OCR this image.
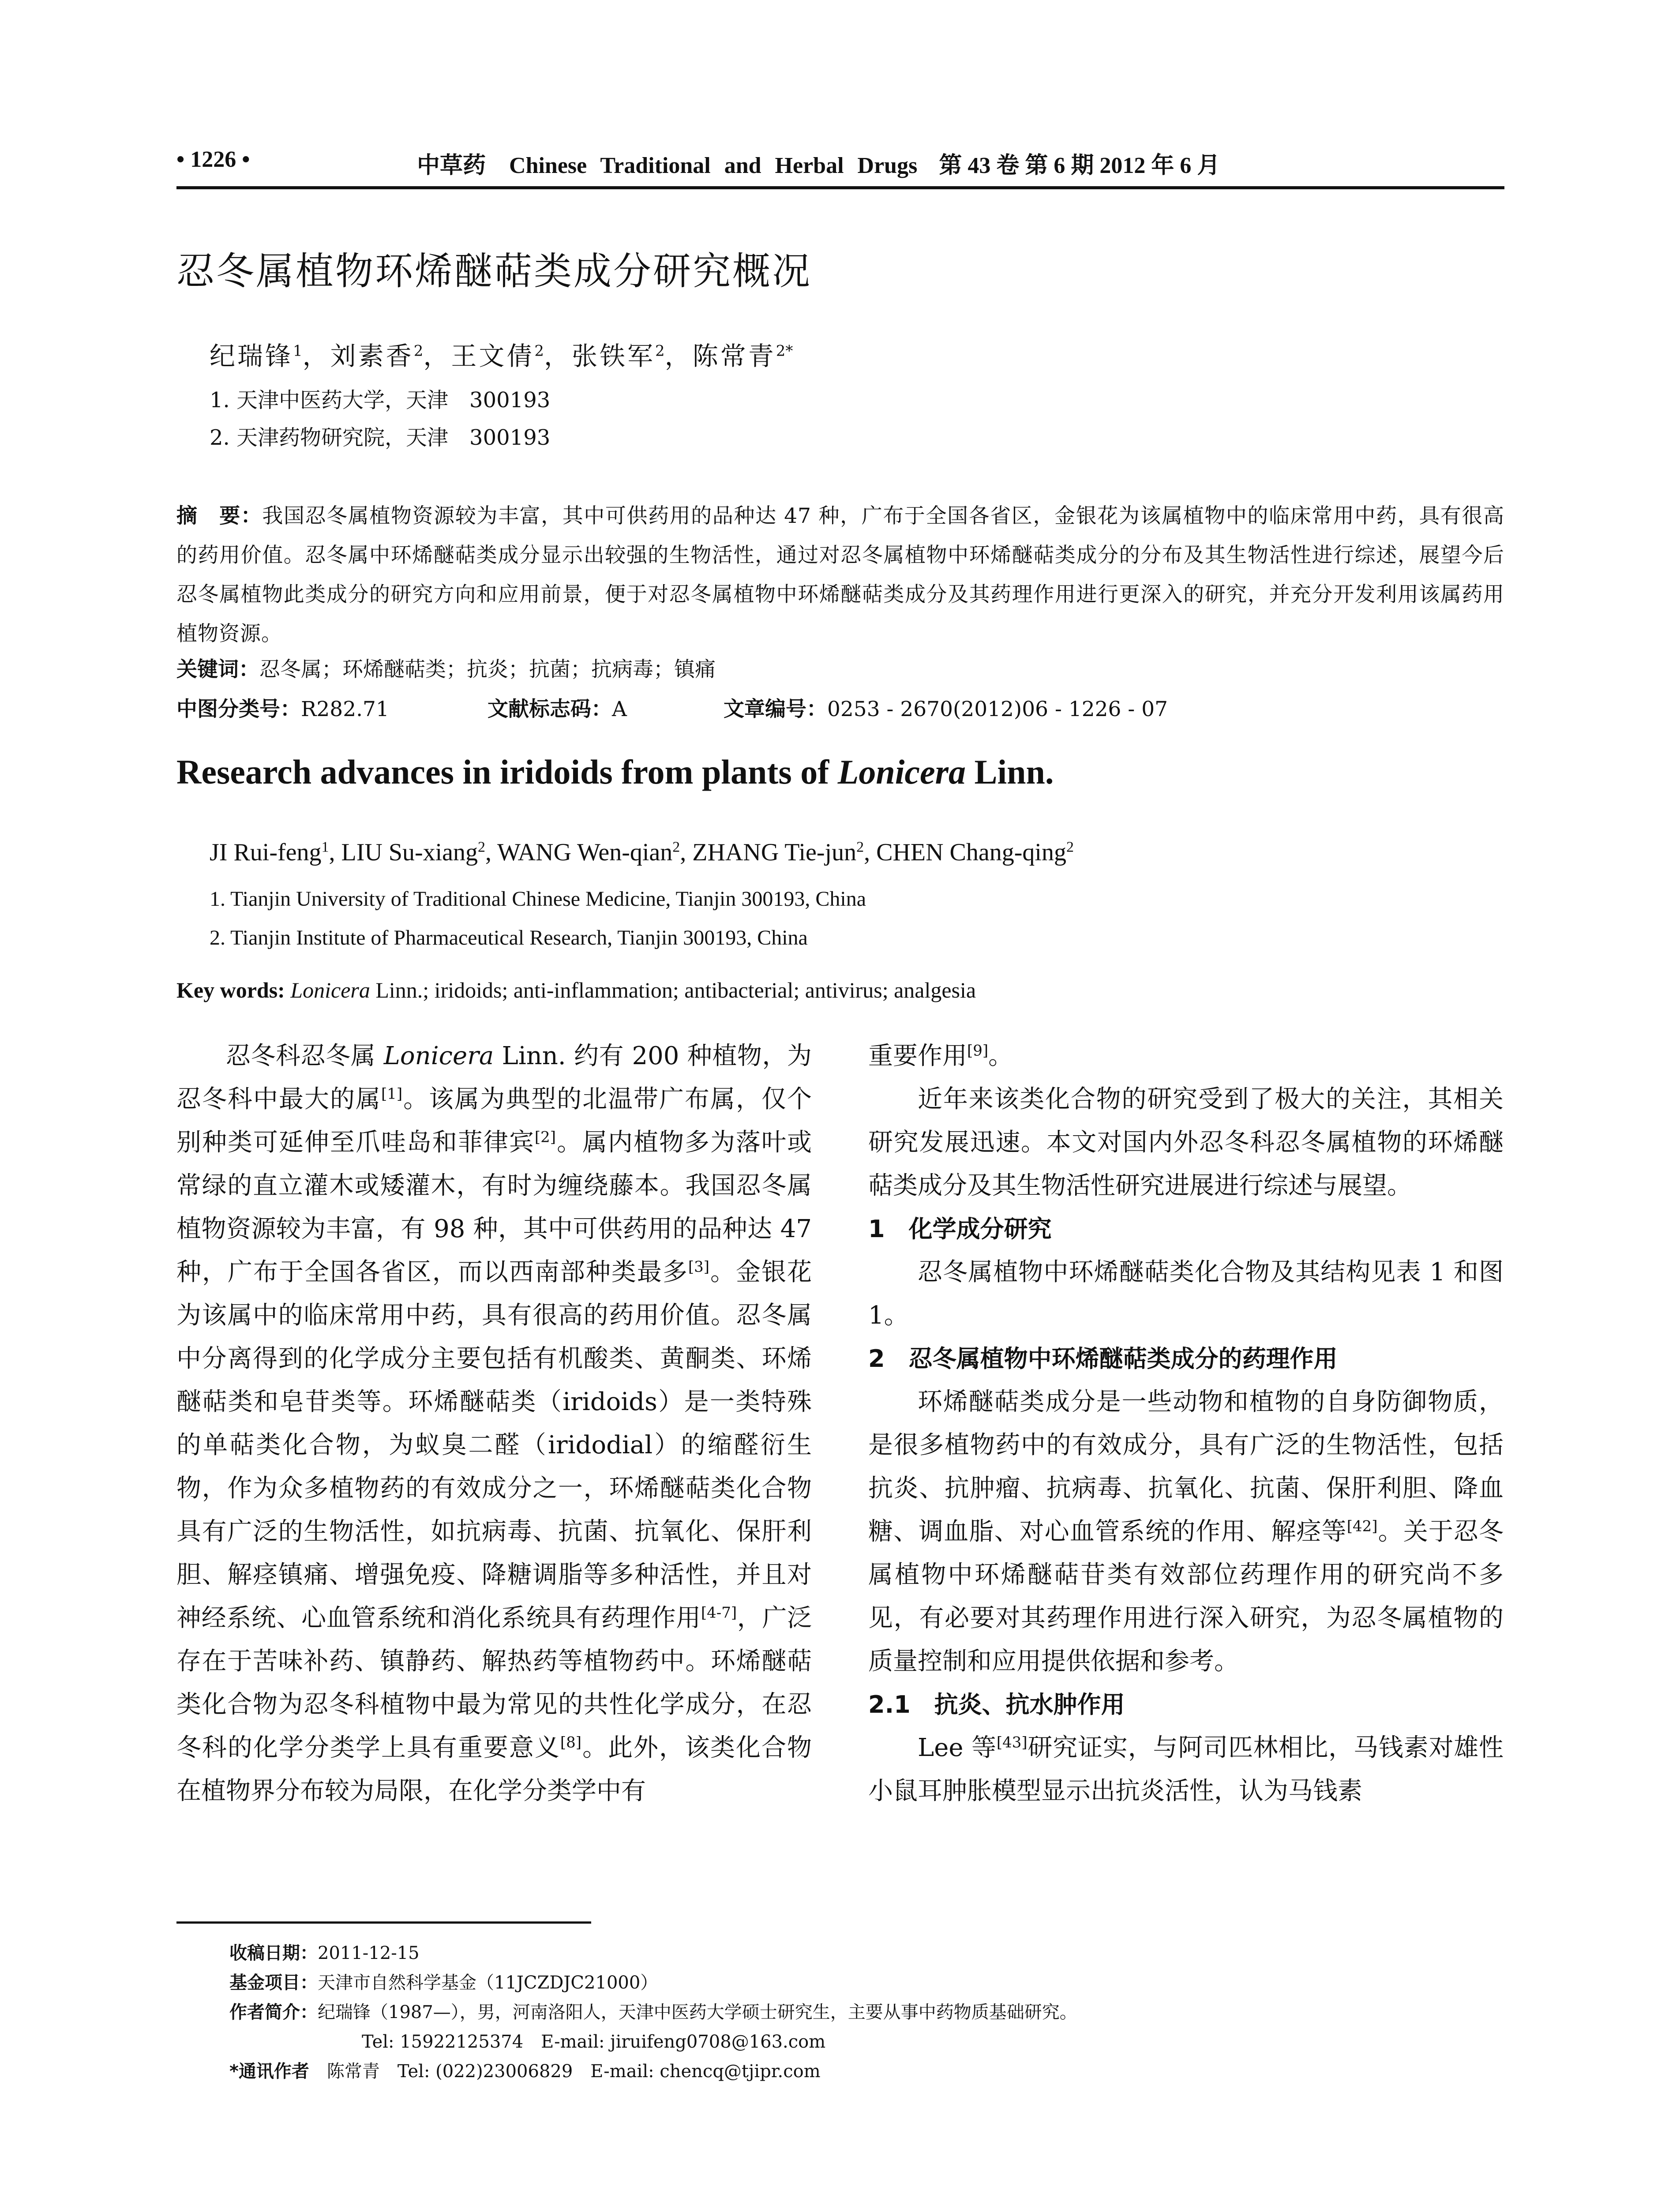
• 1226 •	中草药 Chinese Traditional and Herbal Drugs 第 43 卷 第 6 期 2012 年 6 月
忍冬属植物环烯醚萜类成分研究概况
纪瑞锋$^1$，刘素香$^2$，王文倩$^2$，张铁军$^2$，陈常青$^{2*}$
1. 天津中医药大学，天津　300193
2. 天津药物研究院，天津　300193
摘　要：我国忍冬属植物资源较为丰富，其中可供药用的品种达 47 种，广布于全国各省区，金银花为该属植物中的临床常用中药，具有很高的药用价值。忍冬属中环烯醚萜类成分显示出较强的生物活性，通过对忍冬属植物中环烯醚萜类成分的分布及其生物活性进行综述，展望今后忍冬属植物此类成分的研究方向和应用前景，便于对忍冬属植物中环烯醚萜类成分及其药理作用进行更深入的研究，并充分开发利用该属药用植物资源。
关键词：忍冬属；环烯醚萜类；抗炎；抗菌；抗病毒；镇痛
中图分类号：R282.71	文献标志码：A	文章编号：0253 - 2670(2012)06 - 1226 - 07
Research advances in iridoids from plants of Lonicera Linn.
JI Rui-feng$^1$, LIU Su-xiang$^2$, WANG Wen-qian$^2$, ZHANG Tie-jun$^2$, CHEN Chang-qing$^2$
1. Tianjin University of Traditional Chinese Medicine, Tianjin 300193, China
2. Tianjin Institute of Pharmaceutical Research, Tianjin 300193, China
Key words: Lonicera Linn.; iridoids; anti-inflammation; antibacterial; antivirus; analgesia

忍冬科忍冬属 Lonicera Linn. 约有 200 种植物，为忍冬科中最大的属[1]。该属为典型的北温带广布属，仅个别种类可延伸至爪哇岛和菲律宾[2]。属内植物多为落叶或常绿的直立灌木或矮灌木，有时为缠绕藤本。我国忍冬属植物资源较为丰富，有 98 种，其中可供药用的品种达 47 种，广布于全国各省区，而以西南部种类最多[3]。金银花为该属中的临床常用中药，具有很高的药用价值。忍冬属中分离得到的化学成分主要包括有机酸类、黄酮类、环烯醚萜类和皂苷类等。环烯醚萜类（iridoids）是一类特殊的单萜类化合物，为蚁臭二醛（iridodial）的缩醛衍生物，作为众多植物药的有效成分之一，环烯醚萜类化合物具有广泛的生物活性，如抗病毒、抗菌、抗氧化、保肝利胆、解痉镇痛、增强免疫、降糖调脂等多种活性，并且对神经系统、心血管系统和消化系统具有药理作用[4-7]，广泛存在于苦味补药、镇静药、解热药等植物药中。环烯醚萜类化合物为忍冬科植物中最为常见的共性化学成分，在忍冬科的化学分类学上具有重要意义[8]。此外，该类化合物在植物界分布较为局限，在化学分类学中有

重要作用[9]。

近年来该类化合物的研究受到了极大的关注，其相关研究发展迅速。本文对国内外忍冬科忍冬属植物的环烯醚萜类成分及其生物活性研究进展进行综述与展望。

1　化学成分研究

忍冬属植物中环烯醚萜类化合物及其结构见表 1 和图 1。

2　忍冬属植物中环烯醚萜类成分的药理作用

环烯醚萜类成分是一些动物和植物的自身防御物质，是很多植物药中的有效成分，具有广泛的生物活性，包括抗炎、抗肿瘤、抗病毒、抗氧化、抗菌、保肝利胆、降血糖、调血脂、对心血管系统的作用、解痉等[42]。关于忍冬属植物中环烯醚萜苷类有效部位药理作用的研究尚不多见，有必要对其药理作用进行深入研究，为忍冬属植物的质量控制和应用提供依据和参考。

2.1　抗炎、抗水肿作用

Lee 等[43]研究证实，与阿司匹林相比，马钱素对雄性小鼠耳肿胀模型显示出抗炎活性，认为马钱素

收稿日期：2011-12-15
基金项目：天津市自然科学基金（11JCZDJC21000）
作者简介：纪瑞锋（1987—），男，河南洛阳人，天津中医药大学硕士研究生，主要从事中药物质基础研究。
Tel: 15922125374　E-mail: jiruifeng0708@163.com
*通讯作者　陈常青　Tel: (022)23006829　E-mail: chencq@tjipr.com
